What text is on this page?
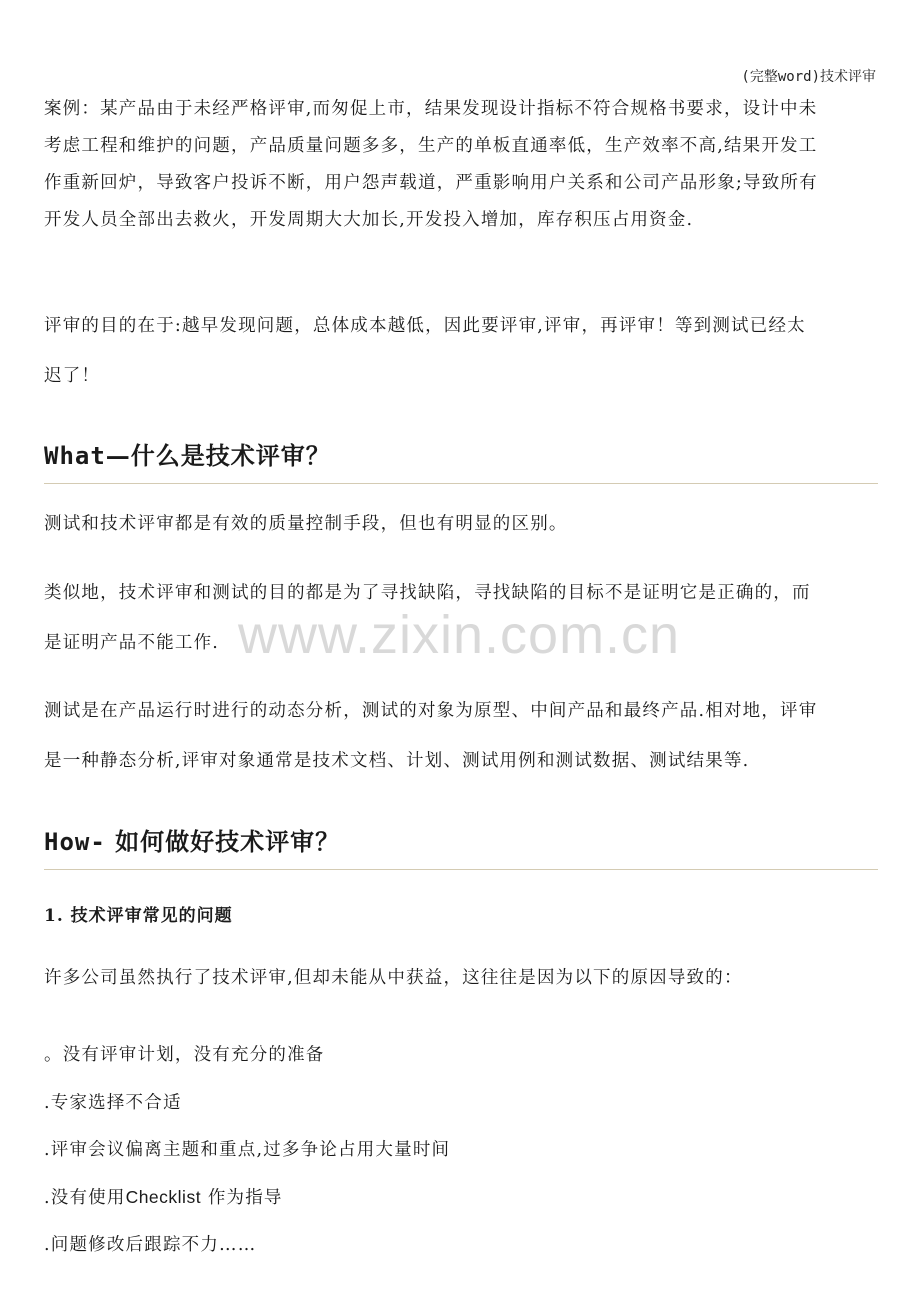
(完整word)技术评审
案例：某产品由于未经严格评审,而匆促上市，结果发现设计指标不符合规格书要求，设计中未
考虑工程和维护的问题，产品质量问题多多，生产的单板直通率低，生产效率不高,结果开发工
作重新回炉，导致客户投诉不断，用户怨声载道，严重影响用户关系和公司产品形象;导致所有
开发人员全部出去救火，开发周期大大加长,开发投入增加，库存积压占用资金.
评审的目的在于:越早发现问题，总体成本越低，因此要评审,评审，再评审！等到测试已经太
迟了！
What—什么是技术评审？
测试和技术评审都是有效的质量控制手段，但也有明显的区别。
类似地，技术评审和测试的目的都是为了寻找缺陷，寻找缺陷的目标不是证明它是正确的，而
是证明产品不能工作.
测试是在产品运行时进行的动态分析，测试的对象为原型、中间产品和最终产品.相对地，评审
是一种静态分析,评审对象通常是技术文档、计划、测试用例和测试数据、测试结果等.
How- 如何做好技术评审？
1. 技术评审常见的问题
许多公司虽然执行了技术评审,但却未能从中获益，这往往是因为以下的原因导致的：
。没有评审计划，没有充分的准备
.专家选择不合适
.评审会议偏离主题和重点,过多争论占用大量时间
.没有使用Checklist 作为指导
.问题修改后跟踪不力……
www.zixin.com.cn
